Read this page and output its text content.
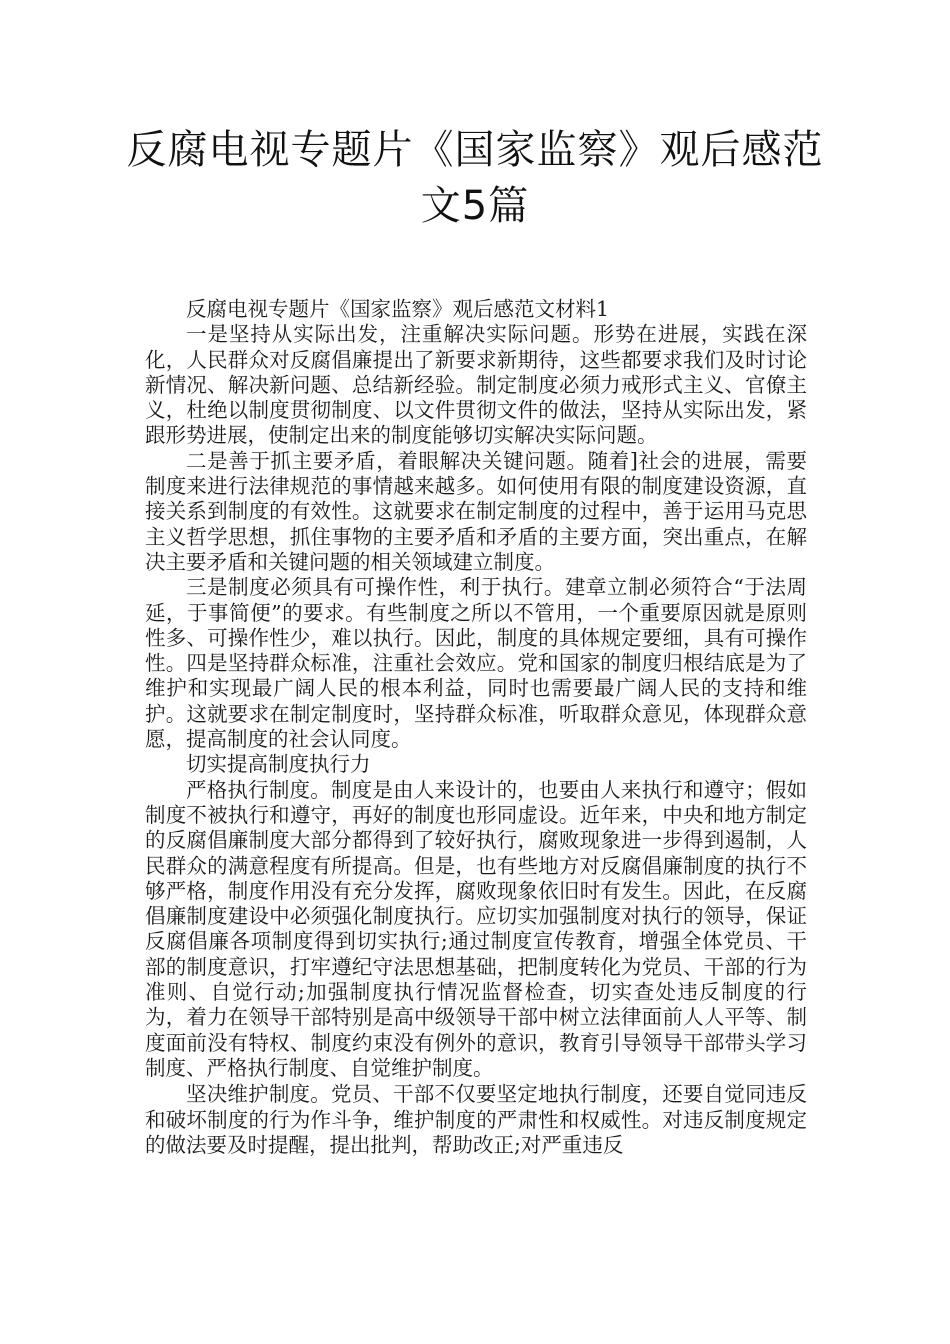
反腐电视专题片《国家监察》观后感范
文5篇

反腐电视专题片《国家监察》观后感范文材料1

一是坚持从实际出发，注重解决实际问题。形势在进展，实践在深化，人民群众对反腐倡廉提出了新要求新期待，这些都要求我们及时讨论新情况、解决新问题、总结新经验。制定制度必须力戒形式主义、官僚主义，杜绝以制度贯彻制度、以文件贯彻文件的做法，坚持从实际出发，紧跟形势进展，使制定出来的制度能够切实解决实际问题。

二是善于抓主要矛盾，着眼解决关键问题。随着]社会的进展，需要制度来进行法律规范的事情越来越多。如何使用有限的制度建设资源，直接关系到制度的有效性。这就要求在制定制度的过程中，善于运用马克思主义哲学思想，抓住事物的主要矛盾和矛盾的主要方面，突出重点，在解决主要矛盾和关键问题的相关领域建立制度。

三是制度必须具有可操作性，利于执行。建章立制必须符合“于法周延，于事简便”的要求。有些制度之所以不管用，一个重要原因就是原则性多、可操作性少，难以执行。因此，制度的具体规定要细，具有可操作性。四是坚持群众标准，注重社会效应。党和国家的制度归根结底是为了维护和实现最广阔人民的根本利益，同时也需要最广阔人民的支持和维护。这就要求在制定制度时，坚持群众标准，听取群众意见，体现群众意愿，提高制度的社会认同度。

切实提高制度执行力

严格执行制度。制度是由人来设计的，也要由人来执行和遵守；假如制度不被执行和遵守，再好的制度也形同虚设。近年来，中央和地方制定的反腐倡廉制度大部分都得到了较好执行，腐败现象进一步得到遏制，人民群众的满意程度有所提高。但是，也有些地方对反腐倡廉制度的执行不够严格，制度作用没有充分发挥，腐败现象依旧时有发生。因此，在反腐倡廉制度建设中必须强化制度执行。应切实加强制度对执行的领导，保证反腐倡廉各项制度得到切实执行;通过制度宣传教育，增强全体党员、干部的制度意识，打牢遵纪守法思想基础，把制度转化为党员、干部的行为准则、自觉行动;加强制度执行情况监督检查，切实查处违反制度的行为，着力在领导干部特别是高中级领导干部中树立法律面前人人平等、制度面前没有特权、制度约束没有例外的意识，教育引导领导干部带头学习制度、严格执行制度、自觉维护制度。

坚决维护制度。党员、干部不仅要坚定地执行制度，还要自觉同违反和破坏制度的行为作斗争，维护制度的严肃性和权威性。对违反制度规定的做法要及时提醒，提出批判，帮助改正;对严重违反
